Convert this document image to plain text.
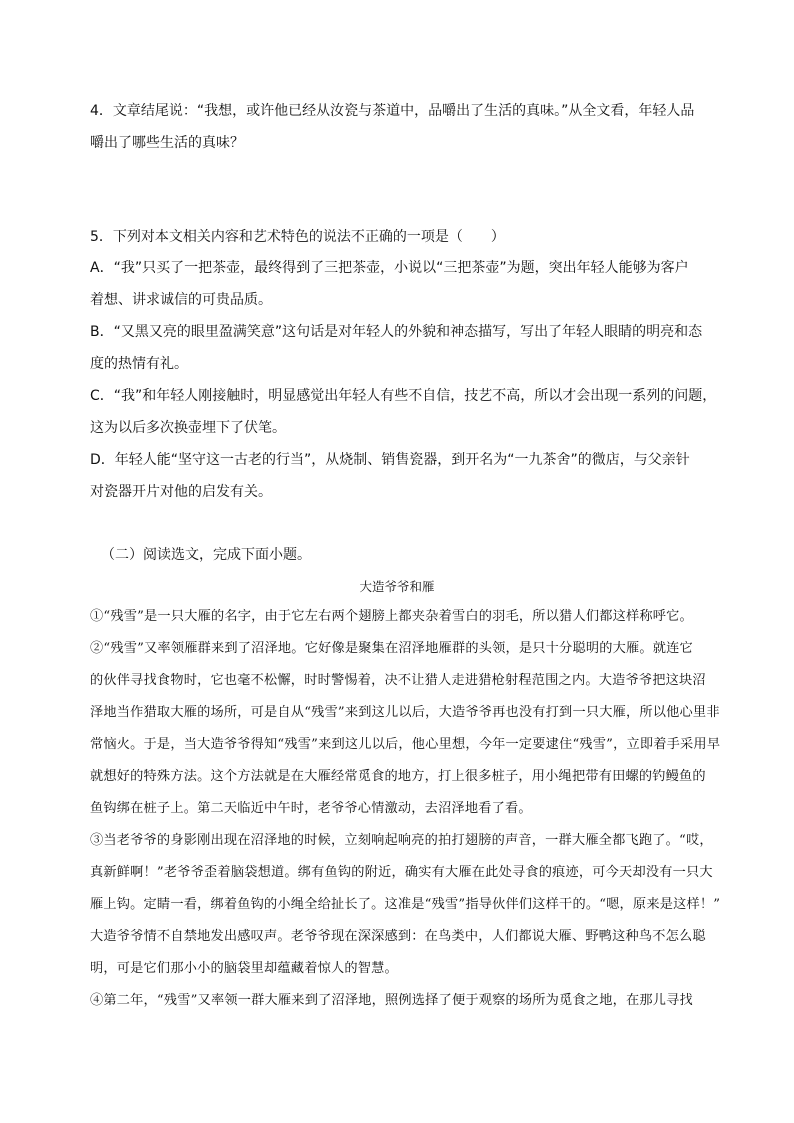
4．文章结尾说：“我想，或许他已经从汝瓷与茶道中，品嚼出了生活的真味。”从全文看，年轻人品
嚼出了哪些生活的真味？
5．下列对本文相关内容和艺术特色的说法不正确的一项是（　　）
A．“我”只买了一把茶壶，最终得到了三把茶壶，小说以“三把茶壶”为题，突出年轻人能够为客户
着想、讲求诚信的可贵品质。
B．“又黑又亮的眼里盈满笑意”这句话是对年轻人的外貌和神态描写，写出了年轻人眼睛的明亮和态
度的热情有礼。
C．“我”和年轻人刚接触时，明显感觉出年轻人有些不自信，技艺不高，所以才会出现一系列的问题，
这为以后多次换壶埋下了伏笔。
D．年轻人能“坚守这一古老的行当”，从烧制、销售瓷器，到开名为“一九茶舍”的微店，与父亲针
对瓷器开片对他的启发有关。
（二）阅读选文，完成下面小题。
大造爷爷和雁
①“残雪”是一只大雁的名字，由于它左右两个翅膀上都夹杂着雪白的羽毛，所以猎人们都这样称呼它。
②“残雪”又率领雁群来到了沼泽地。它好像是聚集在沼泽地雁群的头领，是只十分聪明的大雁。就连它
的伙伴寻找食物时，它也毫不松懈，时时警惕着，决不让猎人走进猎枪射程范围之内。大造爷爷把这块沼
泽地当作猎取大雁的场所，可是自从“残雪”来到这儿以后，大造爷爷再也没有打到一只大雁，所以他心里非
常恼火。于是，当大造爷爷得知“残雪”来到这儿以后，他心里想，今年一定要逮住“残雪”，立即着手采用早
就想好的特殊方法。这个方法就是在大雁经常觅食的地方，打上很多桩子，用小绳把带有田螺的钓鳗鱼的
鱼钩绑在桩子上。第二天临近中午时，老爷爷心情激动，去沼泽地看了看。
③当老爷爷的身影刚出现在沼泽地的时候，立刻响起响亮的拍打翅膀的声音，一群大雁全都飞跑了。“哎，
真新鲜啊！”老爷爷歪着脑袋想道。绑有鱼钩的附近，确实有大雁在此处寻食的痕迹，可今天却没有一只大
雁上钩。定睛一看，绑着鱼钩的小绳全给扯长了。这准是“残雪”指导伙伴们这样干的。“嗯，原来是这样！”
大造爷爷情不自禁地发出感叹声。老爷爷现在深深感到：在鸟类中，人们都说大雁、野鸭这种鸟不怎么聪
明，可是它们那小小的脑袋里却蕴藏着惊人的智慧。
④第二年，“残雪”又率领一群大雁来到了沼泽地，照例选择了便于观察的场所为觅食之地，在那儿寻找
